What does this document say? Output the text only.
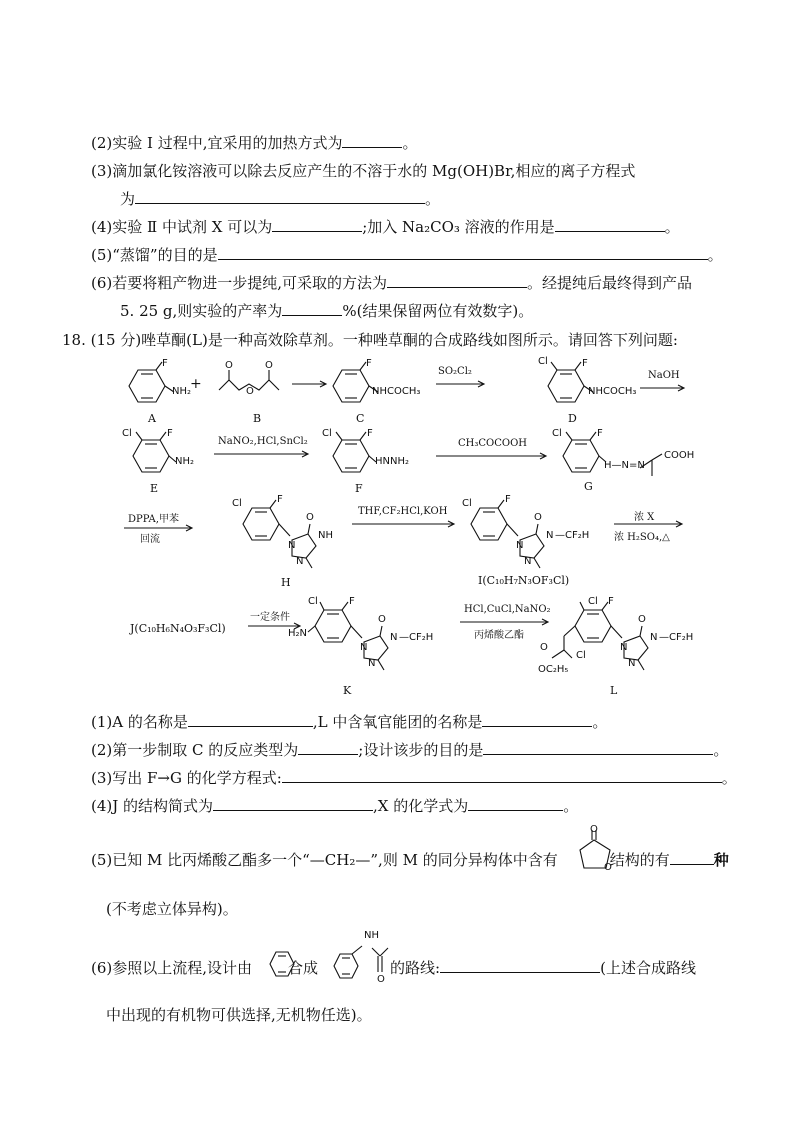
(2)实验 Ⅰ 过程中,宜采用的加热方式为	。
(3)滴加氯化铵溶液可以除去反应产生的不溶于水的 Mg(OH)Br,相应的离子方程式
为	。
(4)实验 Ⅱ 中试剂 X 可以为	;加入 Na₂CO₃ 溶液的作用是	。
(5)“蒸馏”的目的是	。
(6)若要将粗产物进一步提纯,可采取的方法为	。经提纯后最终得到产品
5. 25 g,则实验的产率为	%(结果保留两位有效数字)。
18. (15 分)唑草酮(L)是一种高效除草剂。一种唑草酮的合成路线如图所示。请回答下列问题:
F
NH₂
A
+
O	O
O
B
F
NHCOCH₃
C
SO₂Cl₂
Cl	F
NHCOCH₃
D
NaOH
Cl	F
NH₂
E
NaNO₂,HCl,SnCl₂
Cl	F
HNNH₂
F
CH₃COCOOH
Cl	F
H—N=N
COOH
G
DPPA,甲苯
回流
Cl	F
O
NH
N
N
H
THF,CF₂HCl,KOH
Cl	F
O
N —CF₂H
N
N
I(C₁₀H₇N₃OF₃Cl)
浓 X
浓 H₂SO₄,△
J(C₁₀H₆N₄O₃F₃Cl)
一定条件
Cl	F
H₂N
O
N —CF₂H
N
N
K
HCl,CuCl,NaNO₂
丙烯酸乙酯
Cl F
O
N —CF₂H
N
N
O
Cl
OC₂H₅
L
(1)A 的名称是	,L 中含氧官能团的名称是	。
(2)第一步制取 C 的反应类型为	;设计该步的目的是	。
(3)写出 F→G 的化学方程式:	。
(4)J 的结构简式为	,X 的化学式为	。
(5)已知 M 比丙烯酸乙酯多一个“—CH₂—”,则 M 的同分异构体中含有	结构的有	种
O
O
(不考虑立体异构)。
(6)参照以上流程,设计由 合成	的路线:	(上述合成路线
NH
O
中出现的有机物可供选择,无机物任选)。
